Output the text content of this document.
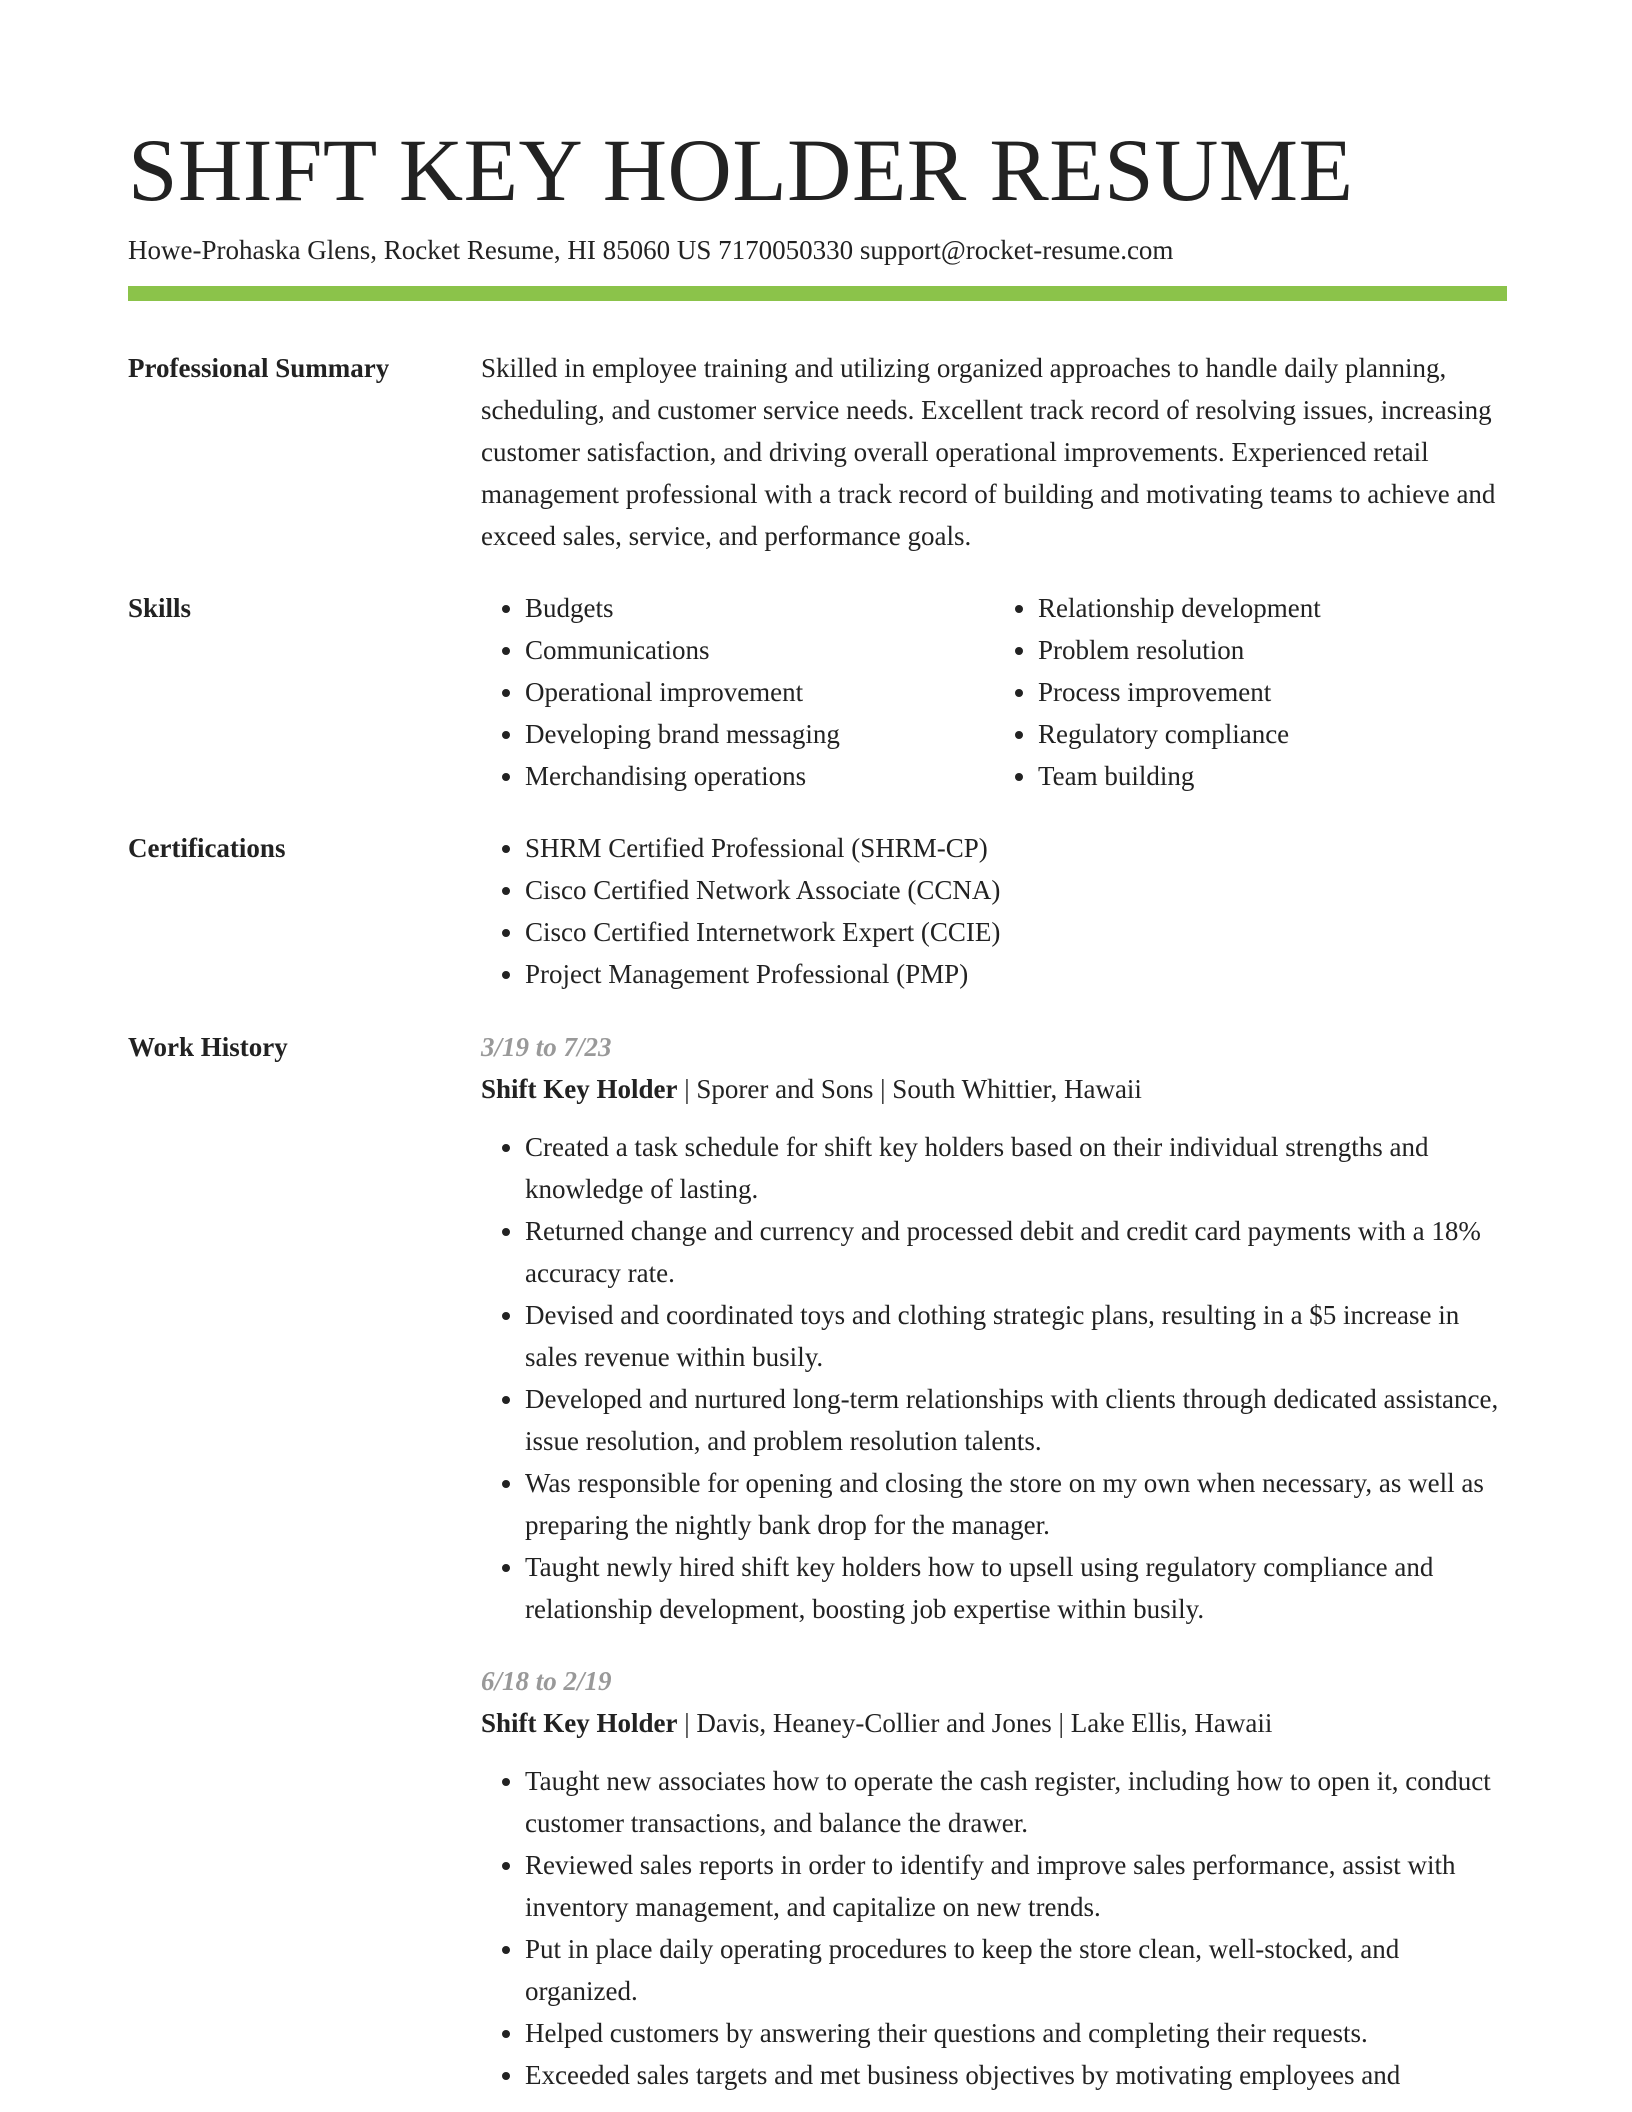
SHIFT KEY HOLDER RESUME
Howe-Prohaska Glens, Rocket Resume, HI 85060 US 7170050330 support@rocket-resume.com
Professional Summary	Skilled in employee training and utilizing organized approaches to handle daily planning, scheduling, and customer service needs. Excellent track record of resolving issues, increasing customer satisfaction, and driving overall operational improvements. Experienced retail management professional with a track record of building and motivating teams to achieve and exceed sales, service, and performance goals.

Skills	• Budgets
• Communications
• Operational improvement
• Developing brand messaging
• Merchandising operations
• Relationship development
• Problem resolution
• Process improvement
• Regulatory compliance
• Team building
Certifications	• SHRM Certified Professional (SHRM-CP)
• Cisco Certified Network Associate (CCNA)
• Cisco Certified Internetwork Expert (CCIE)
• Project Management Professional (PMP)
Work History	3/19 to 7/23
Shift Key Holder | Sporer and Sons | South Whittier, Hawaii
• Created a task schedule for shift key holders based on their individual strengths and knowledge of lasting.
• Returned change and currency and processed debit and credit card payments with a 18% accuracy rate.
• Devised and coordinated toys and clothing strategic plans, resulting in a $5 increase in sales revenue within busily.
• Developed and nurtured long-term relationships with clients through dedicated assistance, issue resolution, and problem resolution talents.
• Was responsible for opening and closing the store on my own when necessary, as well as preparing the nightly bank drop for the manager.
• Taught newly hired shift key holders how to upsell using regulatory compliance and relationship development, boosting job expertise within busily.
6/18 to 2/19
Shift Key Holder | Davis, Heaney-Collier and Jones | Lake Ellis, Hawaii
• Taught new associates how to operate the cash register, including how to open it, conduct customer transactions, and balance the drawer.
• Reviewed sales reports in order to identify and improve sales performance, assist with inventory management, and capitalize on new trends.
• Put in place daily operating procedures to keep the store clean, well-stocked, and organized.
• Helped customers by answering their questions and completing their requests.
• Exceeded sales targets and met business objectives by motivating employees and
